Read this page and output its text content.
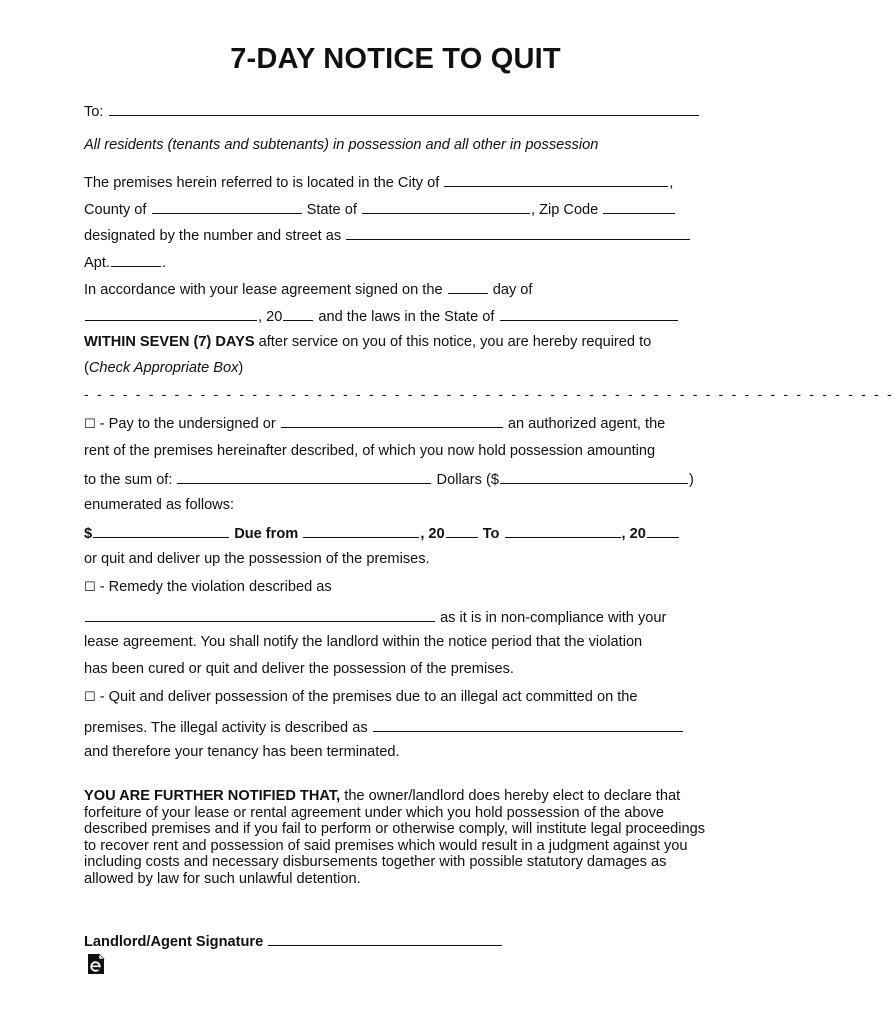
7-DAY NOTICE TO QUIT
To:
All residents (tenants and subtenants) in possession and all other in possession
The premises herein referred to is located in the City of	,
County of	State of	, Zip Code
designated by the number and street as
Apt.	.
In accordance with your lease agreement signed on the	day of
, 20 and the laws in the State of
WITHIN SEVEN (7) DAYS after service on you of this notice, you are hereby required to
(Check Appropriate Box)
- - - - - - - - - - - - - - - - - - - - - - - - - - - - - - - - - - - - - - - - - - - - - - - - - - - - - - - - - - - - - - -
☐ - Pay to the undersigned or	an authorized agent, the
rent of the premises hereinafter described, of which you now hold possession amounting
to the sum of:	Dollars ($	)
enumerated as follows:
$	Due from	, 20	To	, 20
or quit and deliver up the possession of the premises.
☐ - Remedy the violation described as
as it is in non-compliance with your
lease agreement. You shall notify the landlord within the notice period that the violation
has been cured or quit and deliver the possession of the premises.
☐ - Quit and deliver possession of the premises due to an illegal act committed on the
premises. The illegal activity is described as
and therefore your tenancy has been terminated.
YOU ARE FURTHER NOTIFIED THAT, the owner/landlord does hereby elect to declare that forfeiture of your lease or rental agreement under which you hold possession of the above described premises and if you fail to perform or otherwise comply, will institute legal proceedings to recover rent and possession of said premises which would result in a judgment against you including costs and necessary disbursements together with possible statutory damages as allowed by law for such unlawful detention.
Landlord/Agent Signature
